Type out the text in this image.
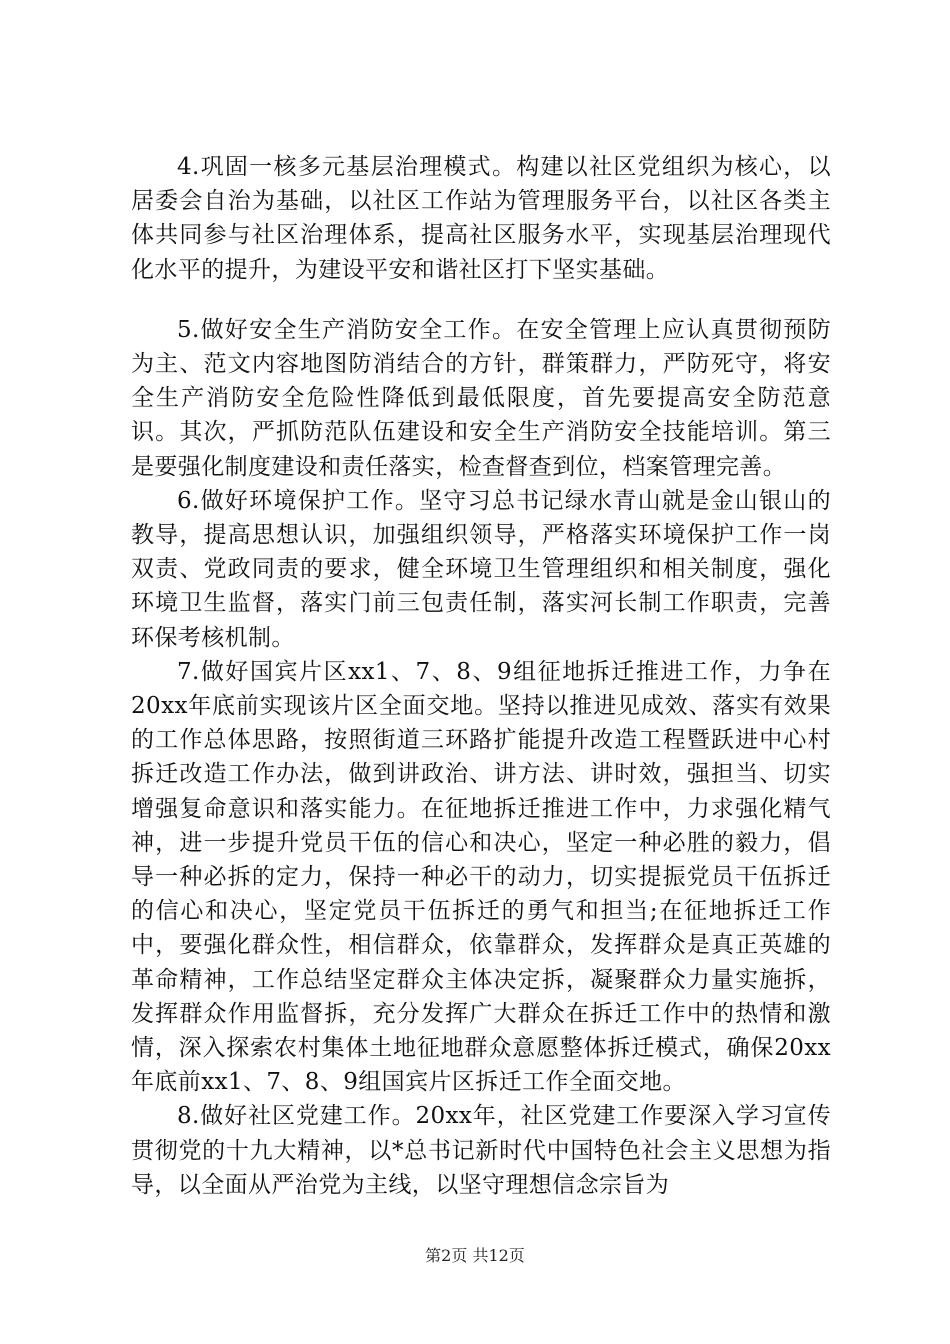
4.巩固一核多元基层治理模式。构建以社区党组织为核心，以居委会自治为基础，以社区工作站为管理服务平台，以社区各类主体共同参与社区治理体系，提高社区服务水平，实现基层治理现代化水平的提升，为建设平安和谐社区打下坚实基础。

5.做好安全生产消防安全工作。在安全管理上应认真贯彻预防为主、范文内容地图防消结合的方针，群策群力，严防死守，将安全生产消防安全危险性降低到最低限度，首先要提高安全防范意识。其次，严抓防范队伍建设和安全生产消防安全技能培训。第三是要强化制度建设和责任落实，检查督查到位，档案管理完善。

6.做好环境保护工作。坚守习总书记绿水青山就是金山银山的教导，提高思想认识，加强组织领导，严格落实环境保护工作一岗双责、党政同责的要求，健全环境卫生管理组织和相关制度，强化环境卫生监督，落实门前三包责任制，落实河长制工作职责，完善环保考核机制。

7.做好国宾片区xx1、7、8、9组征地拆迁推进工作，力争在20xx年底前实现该片区全面交地。坚持以推进见成效、落实有效果的工作总体思路，按照街道三环路扩能提升改造工程暨跃进中心村拆迁改造工作办法，做到讲政治、讲方法、讲时效，强担当、切实增强复命意识和落实能力。在征地拆迁推进工作中，力求强化精气神，进一步提升党员干伍的信心和决心，坚定一种必胜的毅力，倡导一种必拆的定力，保持一种必干的动力，切实提振党员干伍拆迁的信心和决心，坚定党员干伍拆迁的勇气和担当;在征地拆迁工作中，要强化群众性，相信群众，依靠群众，发挥群众是真正英雄的革命精神，工作总结坚定群众主体决定拆，凝聚群众力量实施拆，发挥群众作用监督拆，充分发挥广大群众在拆迁工作中的热情和激情，深入探索农村集体土地征地群众意愿整体拆迁模式，确保20xx年底前xx1、7、8、9组国宾片区拆迁工作全面交地。

8.做好社区党建工作。20xx年，社区党建工作要深入学习宣传贯彻党的十九大精神，以*总书记新时代中国特色社会主义思想为指导，以全面从严治党为主线，以坚守理想信念宗旨为

第2页 共12页
